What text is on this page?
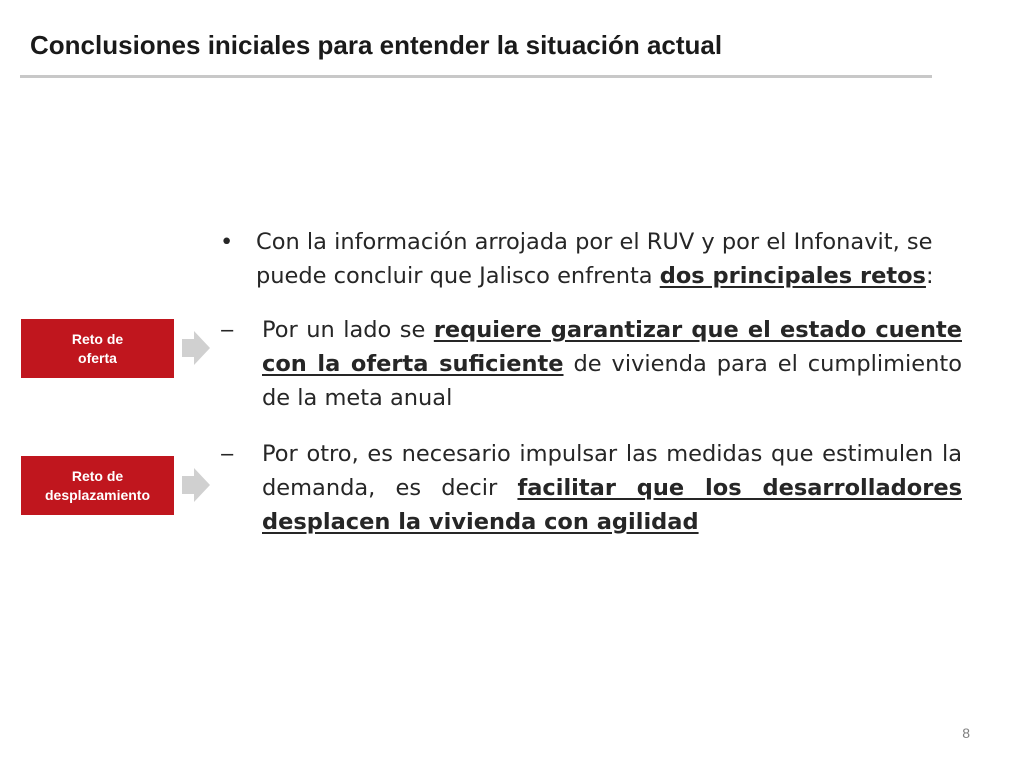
Conclusiones iniciales para entender la situación actual
Reto de
oferta
Reto de
desplazamiento
• Con la información arrojada por el RUV y por el Infonavit, se puede concluir que Jalisco enfrenta dos principales retos:
‒ Por un lado se requiere garantizar que el estado cuente con la oferta suficiente de vivienda para el cumplimiento de la meta anual
‒ Por otro, es necesario impulsar las medidas que estimulen la demanda, es decir facilitar que los desarrolladores desplacen la vivienda con agilidad
8
